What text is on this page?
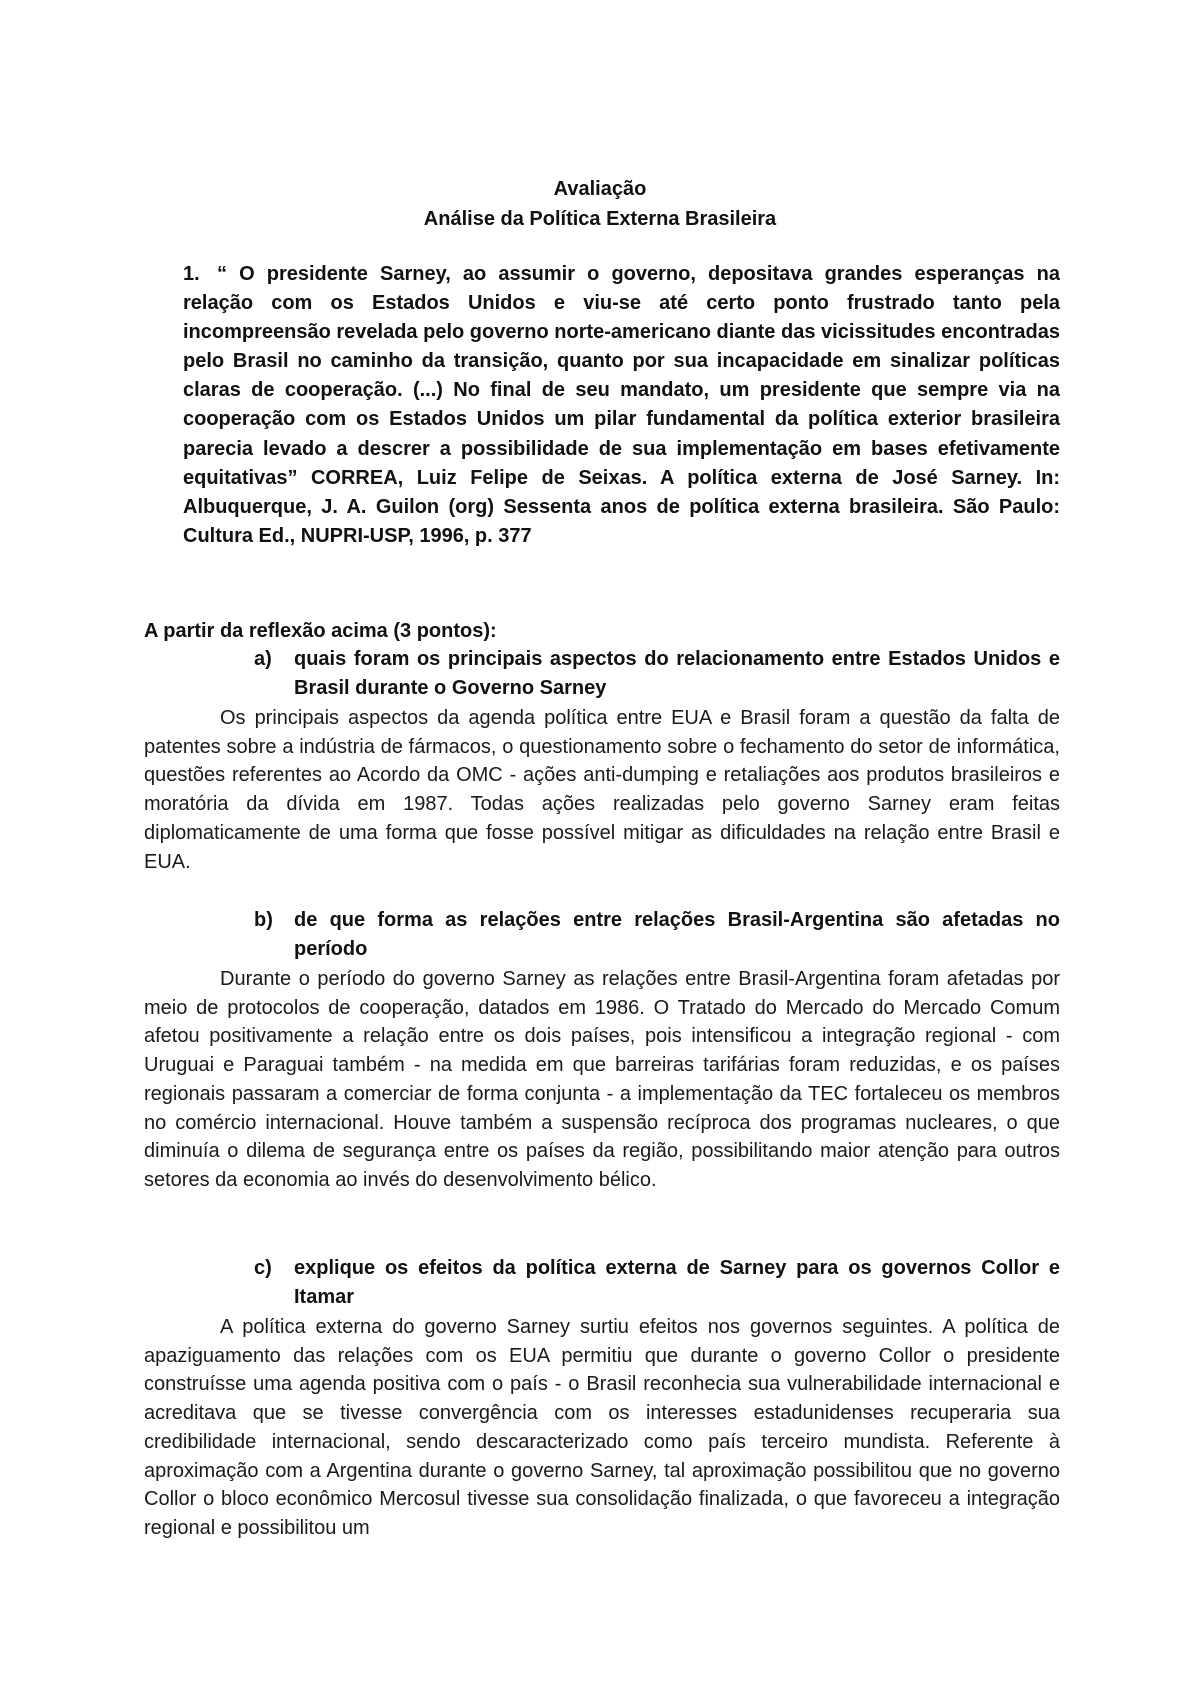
Avaliação
Análise da Política Externa Brasileira
1. “ O presidente Sarney, ao assumir o governo, depositava grandes esperanças na relação com os Estados Unidos e viu-se até certo ponto frustrado tanto pela incompreensão revelada pelo governo norte-americano diante das vicissitudes encontradas pelo Brasil no caminho da transição, quanto por sua incapacidade em sinalizar políticas claras de cooperação. (...) No final de seu mandato, um presidente que sempre via na cooperação com os Estados Unidos um pilar fundamental da política exterior brasileira parecia levado a descrer a possibilidade de sua implementação em bases efetivamente equitativas” CORREA, Luiz Felipe de Seixas. A política externa de José Sarney. In: Albuquerque, J. A. Guilon (org) Sessenta anos de política externa brasileira. São Paulo: Cultura Ed., NUPRI-USP, 1996, p. 377
A partir da reflexão acima (3 pontos):
a)	quais foram os principais aspectos do relacionamento entre Estados Unidos e Brasil durante o Governo Sarney
Os principais aspectos da agenda política entre EUA e Brasil foram a questão da falta de patentes sobre a indústria de fármacos, o questionamento sobre o fechamento do setor de informática, questões referentes ao Acordo da OMC - ações anti-dumping e retaliações aos produtos brasileiros e moratória da dívida em 1987. Todas ações realizadas pelo governo Sarney eram feitas diplomaticamente de uma forma que fosse possível mitigar as dificuldades na relação entre Brasil e EUA.
b)	de que forma as relações entre relações Brasil-Argentina são afetadas no período
Durante o período do governo Sarney as relações entre Brasil-Argentina foram afetadas por meio de protocolos de cooperação, datados em 1986. O Tratado do Mercado do Mercado Comum afetou positivamente a relação entre os dois países, pois intensificou a integração regional - com Uruguai e Paraguai também - na medida em que barreiras tarifárias foram reduzidas, e os países regionais passaram a comerciar de forma conjunta - a implementação da TEC fortaleceu os membros no comércio internacional. Houve também a suspensão recíproca dos programas nucleares, o que diminuía o dilema de segurança entre os países da região, possibilitando maior atenção para outros setores da economia ao invés do desenvolvimento bélico.
c)	explique os efeitos da política externa de Sarney para os governos Collor e Itamar
A política externa do governo Sarney surtiu efeitos nos governos seguintes. A política de apaziguamento das relações com os EUA permitiu que durante o governo Collor o presidente construísse uma agenda positiva com o país - o Brasil reconhecia sua vulnerabilidade internacional e acreditava que se tivesse convergência com os interesses estadunidenses recuperaria sua credibilidade internacional, sendo descaracterizado como país terceiro mundista. Referente à aproximação com a Argentina durante o governo Sarney, tal aproximação possibilitou que no governo Collor o bloco econômico Mercosul tivesse sua consolidação finalizada, o que favoreceu a integração regional e possibilitou um
